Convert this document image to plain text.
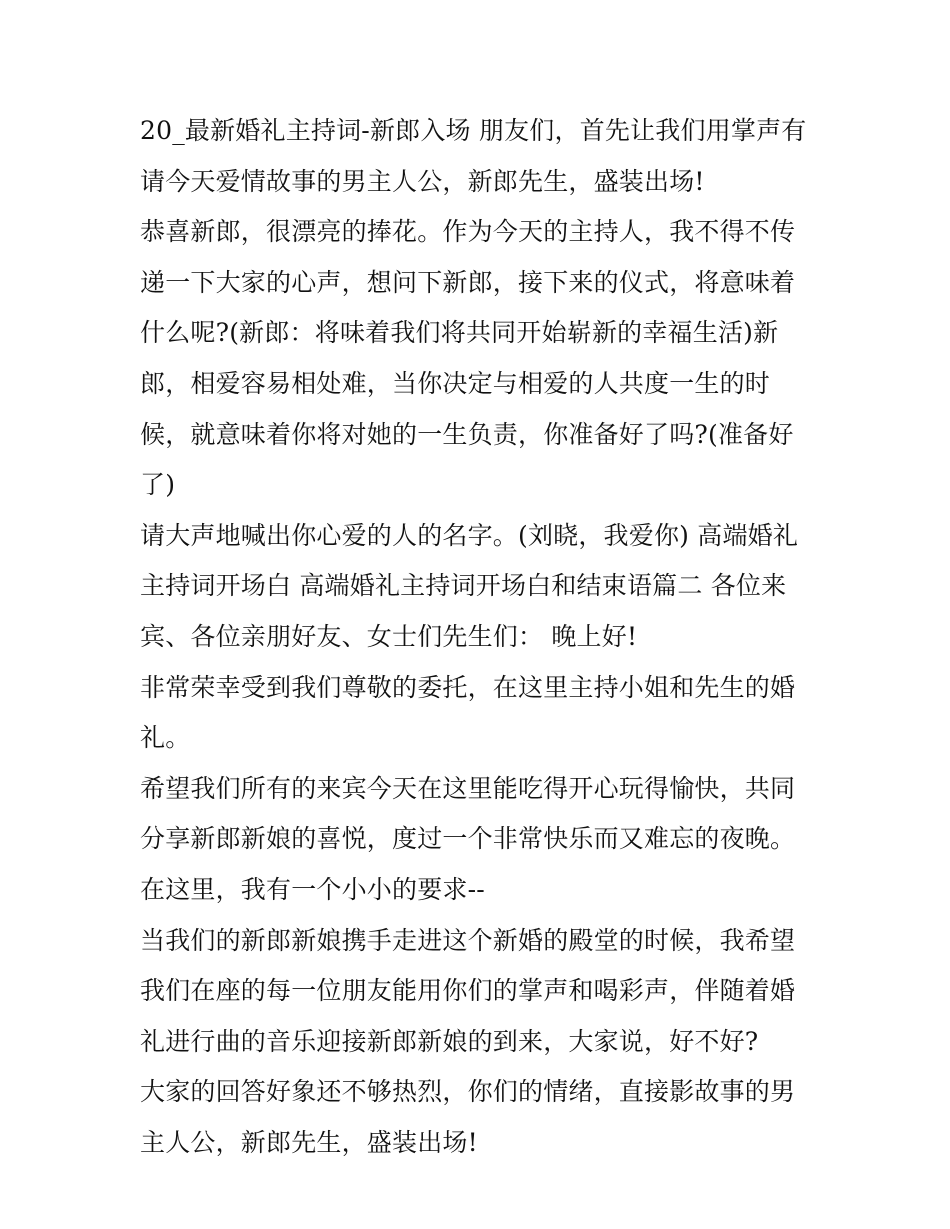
20_最新婚礼主持词-新郎入场 朋友们，首先让我们用掌声有请今天爱情故事的男主人公，新郎先生，盛装出场!

恭喜新郎，很漂亮的捧花。作为今天的主持人，我不得不传递一下大家的心声，想问下新郎，接下来的仪式，将意味着什么呢?(新郎：将味着我们将共同开始崭新的幸福生活)新郎，相爱容易相处难，当你决定与相爱的人共度一生的时候，就意味着你将对她的一生负责，你准备好了吗?(准备好了)

请大声地喊出你心爱的人的名字。(刘晓，我爱你) 高端婚礼主持词开场白 高端婚礼主持词开场白和结束语篇二 各位来宾、各位亲朋好友、女士们先生们： 晚上好!

非常荣幸受到我们尊敬的委托，在这里主持小姐和先生的婚礼。

希望我们所有的来宾今天在这里能吃得开心玩得愉快，共同分享新郎新娘的喜悦，度过一个非常快乐而又难忘的夜晚。 在这里，我有一个小小的要求--

当我们的新郎新娘携手走进这个新婚的殿堂的时候，我希望我们在座的每一位朋友能用你们的掌声和喝彩声，伴随着婚礼进行曲的音乐迎接新郎新娘的到来，大家说，好不好?

大家的回答好象还不够热烈，你们的情绪，直接影故事的男主人公，新郎先生，盛装出场!
